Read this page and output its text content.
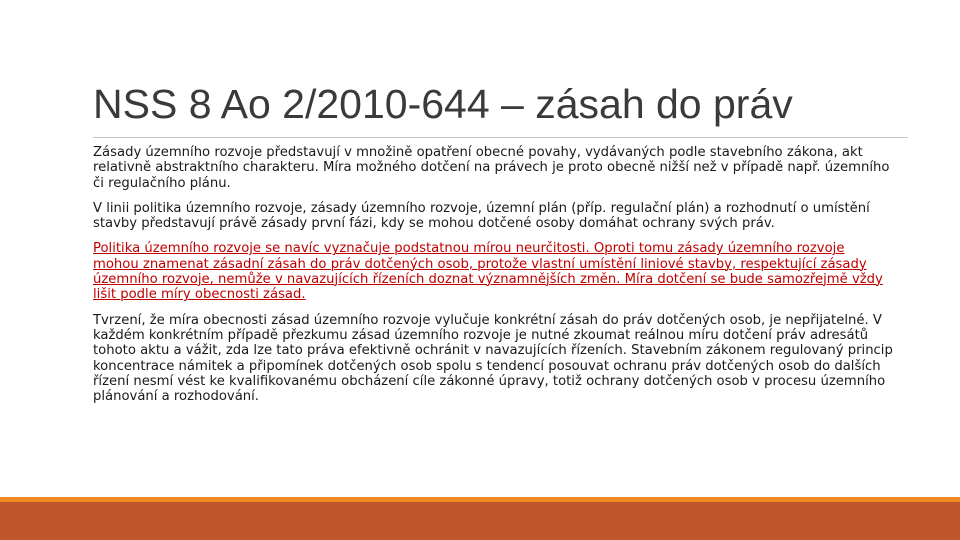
NSS 8 Ao 2/2010-644 – zásah do práv

Zásady územního rozvoje představují v množině opatření obecné povahy, vydávaných podle stavebního zákona, akt relativně abstraktního charakteru. Míra možného dotčení na právech je proto obecně nižší než v případě např. územního či regulačního plánu.

V linii politika územního rozvoje, zásady územního rozvoje, územní plán (příp. regulační plán) a rozhodnutí o umístění stavby představují právě zásady první fázi, kdy se mohou dotčené osoby domáhat ochrany svých práv.

Politika územního rozvoje se navíc vyznačuje podstatnou mírou neurčitosti. Oproti tomu zásady územního rozvoje mohou znamenat zásadní zásah do práv dotčených osob, protože vlastní umístění liniové stavby, respektující zásady územního rozvoje, nemůže v navazujících řízeních doznat významnějších změn. Míra dotčení se bude samozřejmě vždy lišit podle míry obecnosti zásad.

Tvrzení, že míra obecnosti zásad územního rozvoje vylučuje konkrétní zásah do práv dotčených osob, je nepřijatelné. V každém konkrétním případě přezkumu zásad územního rozvoje je nutné zkoumat reálnou míru dotčení práv adresátů tohoto aktu a vážit, zda lze tato práva efektivně ochránit v navazujících řízeních. Stavebním zákonem regulovaný princip koncentrace námitek a připomínek dotčených osob spolu s tendencí posouvat ochranu práv dotčených osob do dalších řízení nesmí vést ke kvalifikovanému obcházení cíle zákonné úpravy, totiž ochrany dotčených osob v procesu územního plánování a rozhodování.
